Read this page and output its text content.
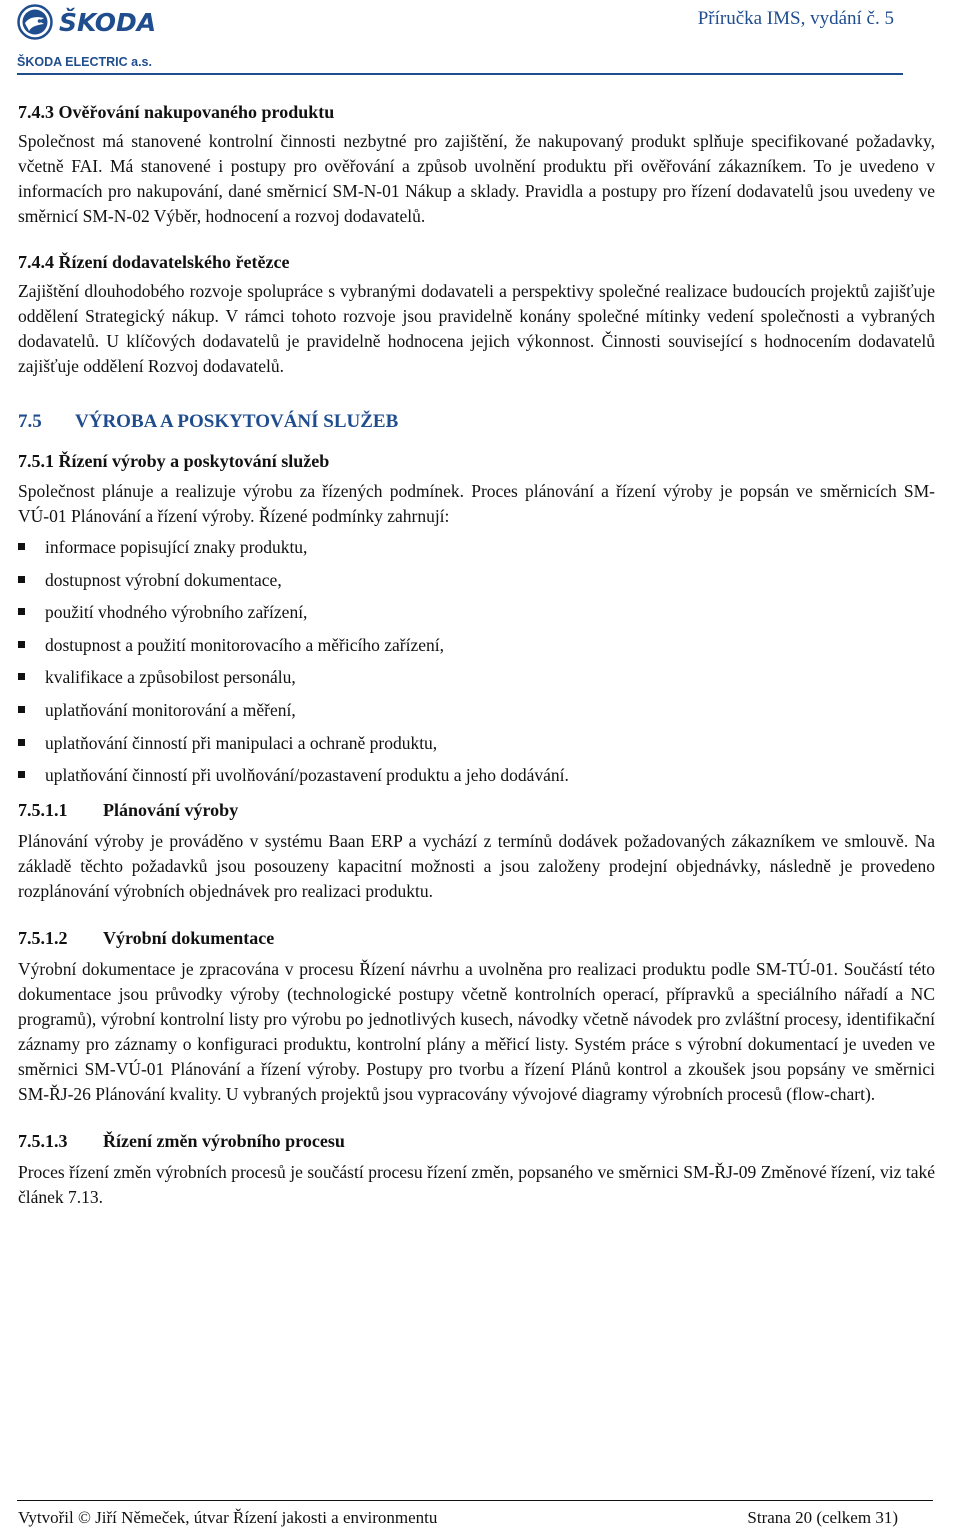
ŠKODA
ŠKODA ELECTRIC a.s.
Příručka IMS, vydání č. 5

7.4.3 Ověřování nakupovaného produktu

Společnost má stanovené kontrolní činnosti nezbytné pro zajištění, že nakupovaný produkt splňuje specifikované požadavky, včetně FAI. Má stanovené i postupy pro ověřování a způsob uvolnění produktu při ověřování zákazníkem. To je uvedeno v informacích pro nakupování, dané směrnicí SM-N-01 Nákup a sklady. Pravidla a postupy pro řízení dodavatelů jsou uvedeny ve směrnicí SM-N-02 Výběr, hodnocení a rozvoj dodavatelů.

7.4.4 Řízení dodavatelského řetězce

Zajištění dlouhodobého rozvoje spolupráce s vybranými dodavateli a perspektivy společné realizace budoucích projektů zajišťuje oddělení Strategický nákup. V rámci tohoto rozvoje jsou pravidelně konány společné mítinky vedení společnosti a vybraných dodavatelů. U klíčových dodavatelů je pravidelně hodnocena jejich výkonnost. Činnosti související s hodnocením dodavatelů zajišťuje oddělení Rozvoj dodavatelů.

7.5 VÝROBA A POSKYTOVÁNÍ SLUŽEB

7.5.1 Řízení výroby a poskytování služeb

Společnost plánuje a realizuje výrobu za řízených podmínek. Proces plánování a řízení výroby je popsán ve směrnicích SM-VÚ-01 Plánování a řízení výroby. Řízené podmínky zahrnují:

informace popisující znaky produktu,
dostupnost výrobní dokumentace,
použití vhodného výrobního zařízení,
dostupnost a použití monitorovacího a měřicího zařízení,
kvalifikace a způsobilost personálu,
uplatňování monitorování a měření,
uplatňování činností při manipulaci a ochraně produktu,
uplatňování činností při uvolňování/pozastavení produktu a jeho dodávání.

7.5.1.1 Plánování výroby

Plánování výroby je prováděno v systému Baan ERP a vychází z termínů dodávek požadovaných zákazníkem ve smlouvě. Na základě těchto požadavků jsou posouzeny kapacitní možnosti a jsou založeny prodejní objednávky, následně je provedeno rozplánování výrobních objednávek pro realizaci produktu.

7.5.1.2 Výrobní dokumentace

Výrobní dokumentace je zpracována v procesu Řízení návrhu a uvolněna pro realizaci produktu podle SM-TÚ-01. Součástí této dokumentace jsou průvodky výroby (technologické postupy včetně kontrolních operací, přípravků a speciálního nářadí a NC programů), výrobní kontrolní listy pro výrobu po jednotlivých kusech, návodky včetně návodek pro zvláštní procesy, identifikační záznamy pro záznamy o konfiguraci produktu, kontrolní plány a měřicí listy. Systém práce s výrobní dokumentací je uveden ve směrnici SM-VÚ-01 Plánování a řízení výroby. Postupy pro tvorbu a řízení Plánů kontrol a zkoušek jsou popsány ve směrnici SM-ŘJ-26 Plánování kvality. U vybraných projektů jsou vypracovány vývojové diagramy výrobních procesů (flow-chart).

7.5.1.3 Řízení změn výrobního procesu

Proces řízení změn výrobních procesů je součástí procesu řízení změn, popsaného ve směrnici SM-ŘJ-09 Změnové řízení, viz také článek 7.13.

Vytvořil © Jiří Němeček, útvar Řízení jakosti a environmentu	Strana 20 (celkem 31)
